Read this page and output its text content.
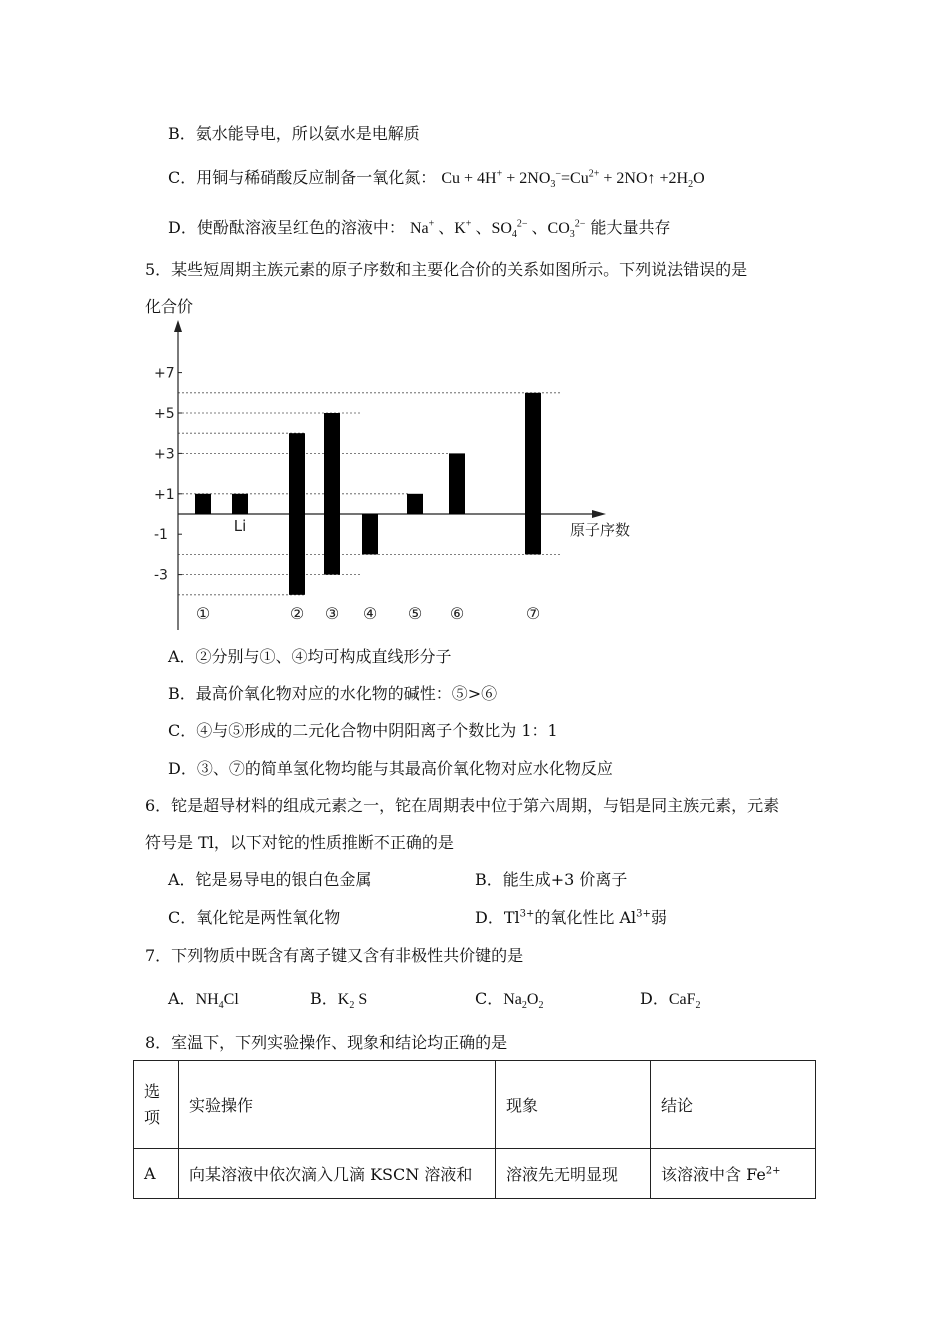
B．氨水能导电，所以氨水是电解质
C．用铜与稀硝酸反应制备一氧化氮： $Cu + 4H^+ + 2NO_3^-=Cu^{2+}$ + 2NO↑ $+2H_2O$
D．使酚酞溶液呈红色的溶液中： Na+ 、K+ 、$SO_4^{2-}$ 、$CO_3^{2-}$ 能大量共存
5．某些短周期主族元素的原子序数和主要化合价的关系如图所示。下列说法错误的是
化合价
+7
+5
+3
+1
-1
-3
原子序数
①	② ③ ④ ⑤ ⑥	⑦
Li
A．②分别与①、④均可构成直线形分子
B．最高价氧化物对应的水化物的碱性：⑤>⑥
C．④与⑤形成的二元化合物中阴阳离子个数比为 1：1
D．③、⑦的简单氢化物均能与其最高价氧化物对应水化物反应
6．铊是超导材料的组成元素之一，铊在周期表中位于第六周期，与铝是同主族元素，元素
符号是 Tl，以下对铊的性质推断不正确的是
A．铊是易导电的银白色金属	B．能生成+3 价离子
C．氧化铊是两性氧化物	D．$Tl^{3+}$的氧化性比 $Al^{3+}$弱
7．下列物质中既含有离子键又含有非极性共价键的是
A．$NH_4Cl$	B．$K_2$ S	C．$Na_2O_2$	D．CaF$_2$
8．室温下，下列实验操作、现象和结论均正确的是
选项	实验操作	现象	结论
A	向某溶液中依次滴入几滴 KSCN 溶液和	溶液先无明显现	该溶液中含 $Fe^{2+}$
